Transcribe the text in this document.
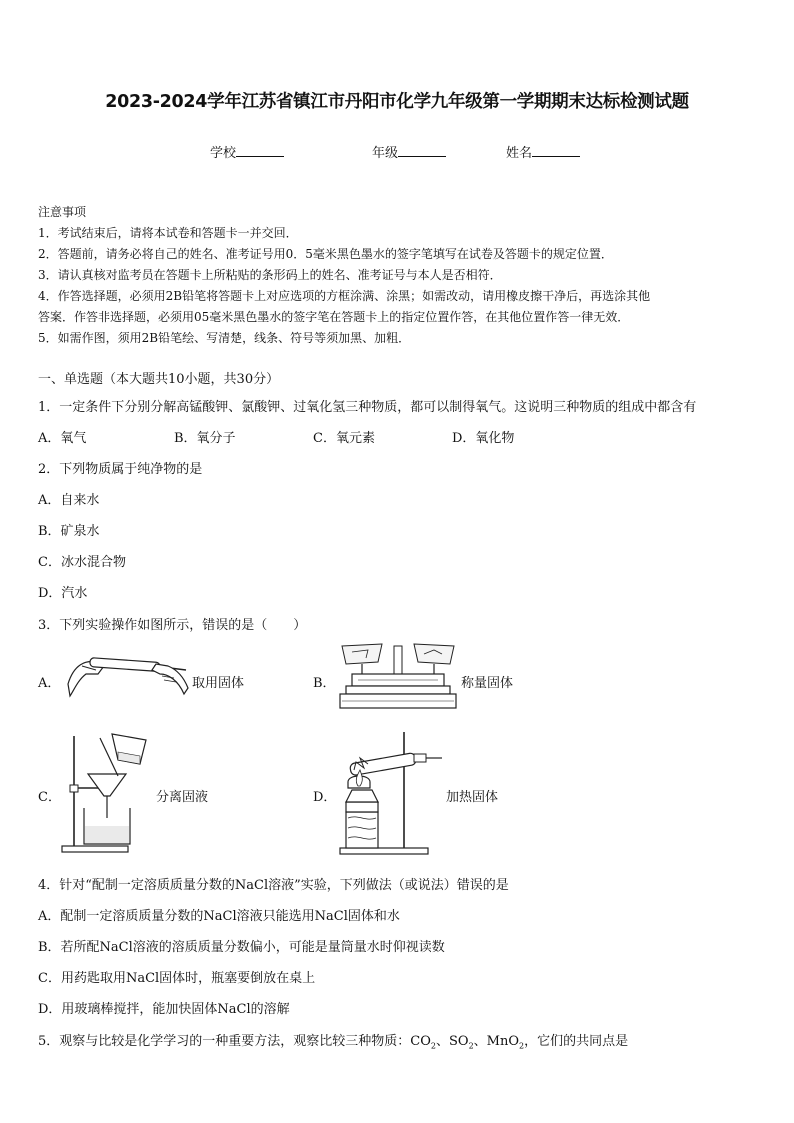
2023-2024学年江苏省镇江市丹阳市化学九年级第一学期期末达标检测试题
学校	年级	姓名
注意事项
1．考试结束后，请将本试卷和答题卡一并交回．
2．答题前，请务必将自己的姓名、准考证号用0．5毫米黑色墨水的签字笔填写在试卷及答题卡的规定位置．
3．请认真核对监考员在答题卡上所粘贴的条形码上的姓名、准考证号与本人是否相符．
4．作答选择题，必须用2B铅笔将答题卡上对应选项的方框涂满、涂黑；如需改动，请用橡皮擦干净后，再选涂其他
答案．作答非选择题，必须用05毫米黑色墨水的签字笔在答题卡上的指定位置作答，在其他位置作答一律无效．
5．如需作图，须用2B铅笔绘、写清楚，线条、符号等须加黑、加粗．
一、单选题（本大题共10小题，共30分）
1．一定条件下分别分解高锰酸钾、氯酸钾、过氧化氢三种物质，都可以制得氧气。这说明三种物质的组成中都含有
A．氧气	B．氧分子	C．氧元素	D．氧化物
2．下列物质属于纯净物的是
A．自来水
B．矿泉水
C．冰水混合物
D．汽水
3．下列实验操作如图所示，错误的是（　　）
A．	取用固体	B．	称量固体
C．	分离固液	D．	加热固体
4．针对“配制一定溶质质量分数的NaCl溶液”实验，下列做法（或说法）错误的是
A．配制一定溶质质量分数的NaCl溶液只能选用NaCl固体和水
B．若所配NaCl溶液的溶质质量分数偏小，可能是量筒量水时仰视读数
C．用药匙取用NaCl固体时，瓶塞要倒放在桌上
D．用玻璃棒搅拌，能加快固体NaCl的溶解
5．观察与比较是化学学习的一种重要方法，观察比较三种物质：$CO_2$、$SO_2$、MnO$_2$，它们的共同点是
